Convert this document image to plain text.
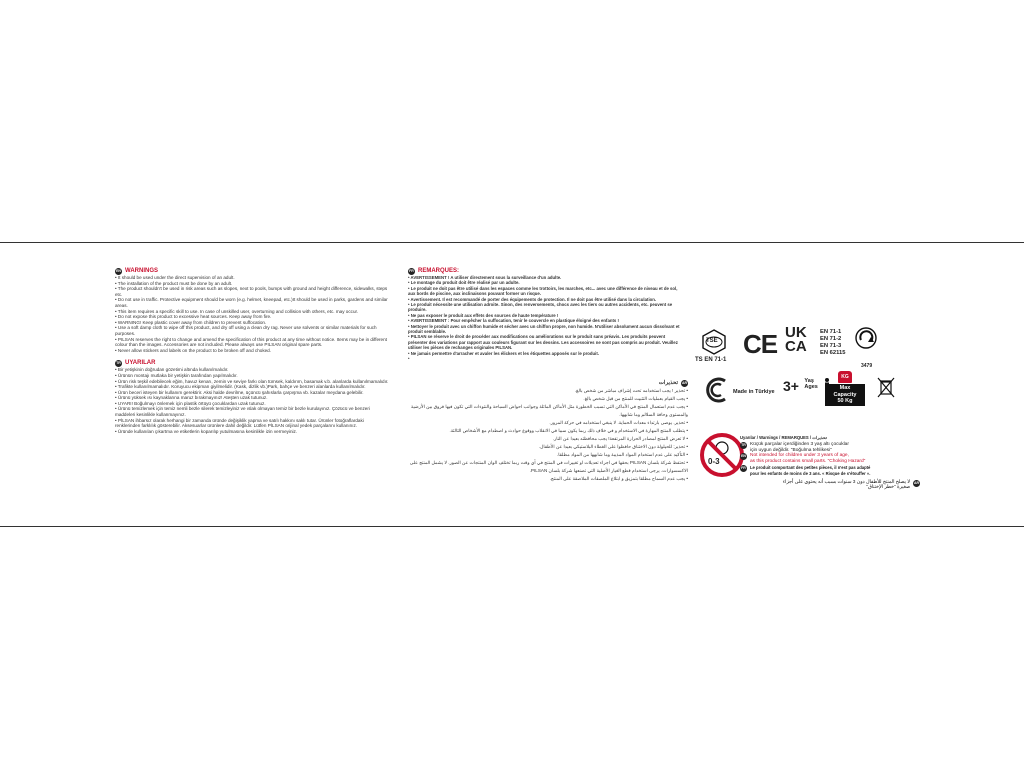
EN WARNINGS

• It should be used under the direct supervision of an adult.

• The installation of the product must be done by an adult.

• The product shouldn't be used in risk areas such as slopes, next to pools, bumps with ground and height difference, sidewalks, steps etc.

• Do not use in traffic. Protective equipment should be worn (e.g. helmet, kneepad, etc.)It should be used in parks, gardens and similar areas.

• This item requires a specific skill to use. In case of unskilled user, overturning and collision with others, etc. may occur.

• Do not expose this product to excessive heat sources. Keep away from fire.

• WARNING! Keep plastic cover away from children to prevent suffocation.

• Use a soft damp cloth to wipe off this product, and dry off using a clean dry rag. Never use solvents or similar materials for such purposes.

• PILSAN reserves the right to change and amend the specification of this product at any time without notice. Items may be in different colour than the images. Accessories are not included. Please always use PILSAN original spare parts.

• Never allow stickers and labels on the product to be broken off and choked.

TR UYARILAR

• Bir yetişkinin doğrudan gözetimi altında kullanılmalıdır.

• Ürünün montajı mutlaka bir yetişkin tarafından yapılmalıdır.

• Ürün risk teşkil edebilecek eğim, havuz kenarı, zemin ve seviye farkı olan tümsek, kaldırım, basamak v.b. alanlarda kullanılmamalıdır.

• Trafikte kullanılmamalıdır. Koruyucu ekipman giyilmelidir. (Kask, dizlik vb.)Park, bahçe ve benzeri alanlarda kullanılmalıdır.

• Ürün beceri isteyen bir kullanım gerektirir. Aksi halde devrilme, üçüncü şahıslarla çarpışma vb. kazalar meydana gelebilir.

• Ürünü yüksek ısı kaynaklarına maruz bırakmayınız! Ateşten uzak tutunuz.

• UYARI! Boğulmayı önlemek için plastik örtüyü çocuklardan uzak tutunuz.

• Ürünü temizlemek için temiz nemli bezle silerek temizleyiniz ve ıslak olmayan temiz bir bezle kurulayınız. Çözücü ve benzeri maddeleri kesinlikle kullanmayınız.

• PİLSAN ihbarsız olarak herhangi bir zamanda üründe değişiklik yapma ve satılı hakkını saklı tutar. Ürünler fotoğraflardaki renklerinden farklılık gösterebilir. Aksesuarlar ürünlere dahil değildir. Lütfen PİLSAN orijinal yedek parçalarını kullanınız.

• Üründe kullanılan çıkartma ve etiketlerin koparılıp yutulmasına kesinlikle izin vermeyiniz.

FR REMARQUES:

• AVERTISSEMENT ! A utiliser directement sous la surveillance d'un adulte.

• Le montage du produit doit être réalisé par un adulte.

• Le produit ne doit pas être utilisé dans les espaces comme les trottoirs, les marches, etc... avec une différence de niveau et de sol, aux bords de piscine, aux inclinaisons pouvant former un risque.

• Avertissement. Il est recommandé de porter des équipements de protection. Il ne doit pas être utilisé dans la circulation.

• Le produit nécessite une utilisation adroite. Sinon, des renversements, chocs avec les tiers ou autres accidents, etc. peuvent se produire.

• Ne pas exposer le produit aux effets des sources de haute température !

• AVERTISSEMENT : Pour empêcher la suffocation, tenir le couvercle en plastique éloigné des enfants !

• Nettoyer le produit avec un chiffon humide et sécher avec un chiffon propre, non humide. N'utiliser absolument aucun dissolvant et produit semblable.

• PILSAN se réserve le droit de procéder aux modifications ou améliorations sur le produit sans préavis. Les produits peuvent présenter des variations par rapport aux couleurs figurant sur les dessins. Les accessoires ne sont pas compris au produit. Veuillez utiliser les pièces de rechanges originales PILSAN.

• Ne jamais permettre d'arracher et avaler les élickers et les étiquettes apposés sur le produit.

•

AR
تحذيرات

• تحذير ! يجب استخدامه تحت إشراف مباشر من شخص بالغ.

• يجب القيام بعمليات التثبيت للمنتج من قبل شخص بالغ.

• يجب عدم استعمال المنتج في الأماكن التي تسبب الخطورة مثل الأماكن المائلة وجوانب احواض السباحة والنتوءات التي تكون فيها فروق بين الأرضية والمستوى وحافة السلالم وما شابهها.

• تحذير. يوصى بارتداء معدات الحماية. لا ينبغي استخدامه في حركة المرور.

• يتطلب المنتج المهارة في الاستخدام و في خلاف ذلك ربما يكون سببا في الانقلاب ووقوع حوادث و اصطدام مع الأشخاص الثالثة.

• لا تعرض المنتج لمصادر الحرارة المرتفعة! يجب محافظته بعيدا عن النار.

• تحذير: للحيلولة دون الاختناق حافظوا على الغطاء البلاستيكي بعيدا عن الأطفال.

• التأكيد على عدم استخدام المواد المذيبة وما شابهها من المواد مطلقا.

• تحتفظ شركة بلسان PILSAN بحقها في اجراء تعديلات او تغييرات في المنتج في أي وقت ربما تختلف الوان المنتجات عن الصور. لا يشمل المنتج على الاكسسوارات. يرجى استخدام قطع الغيار الأصلية التي تصنعها شركة بلسان PILSAN.

• يجب عدم السماح مطلقا بتمزيق و ابتلاع الملصقات الملاصقة على المنتج.

TSE
TS EN 71-1
CE UK
CA
EN 71-1
EN 71-2
EN 71-3
EN 62115
3479
Made in Türkiye 3+ Yaş
Ages

KG
Max Capacity
50 Kg
0-3
Uyarılar / Warnings / REMARQUES / تحذيرات
TR Küçük parçalar içerdiğinden 3 yaş altı çocuklar
için uygun değildir. "Boğulma tehlikesi"
EN Not intended for children under 3 years of age,
as this product contains small parts. "Choking Hazard"
FR Le produit comportant des petites pièces, il n'est pas adapté
pour les enfants de moins de 3 ans. « Risque de s'étouffer ».
AR
لا يصلح المنتج للأطفال دون 3 سنوات بسبب أنه يحتوي على أجزاء
صغيرة "خطر الإختناق"
